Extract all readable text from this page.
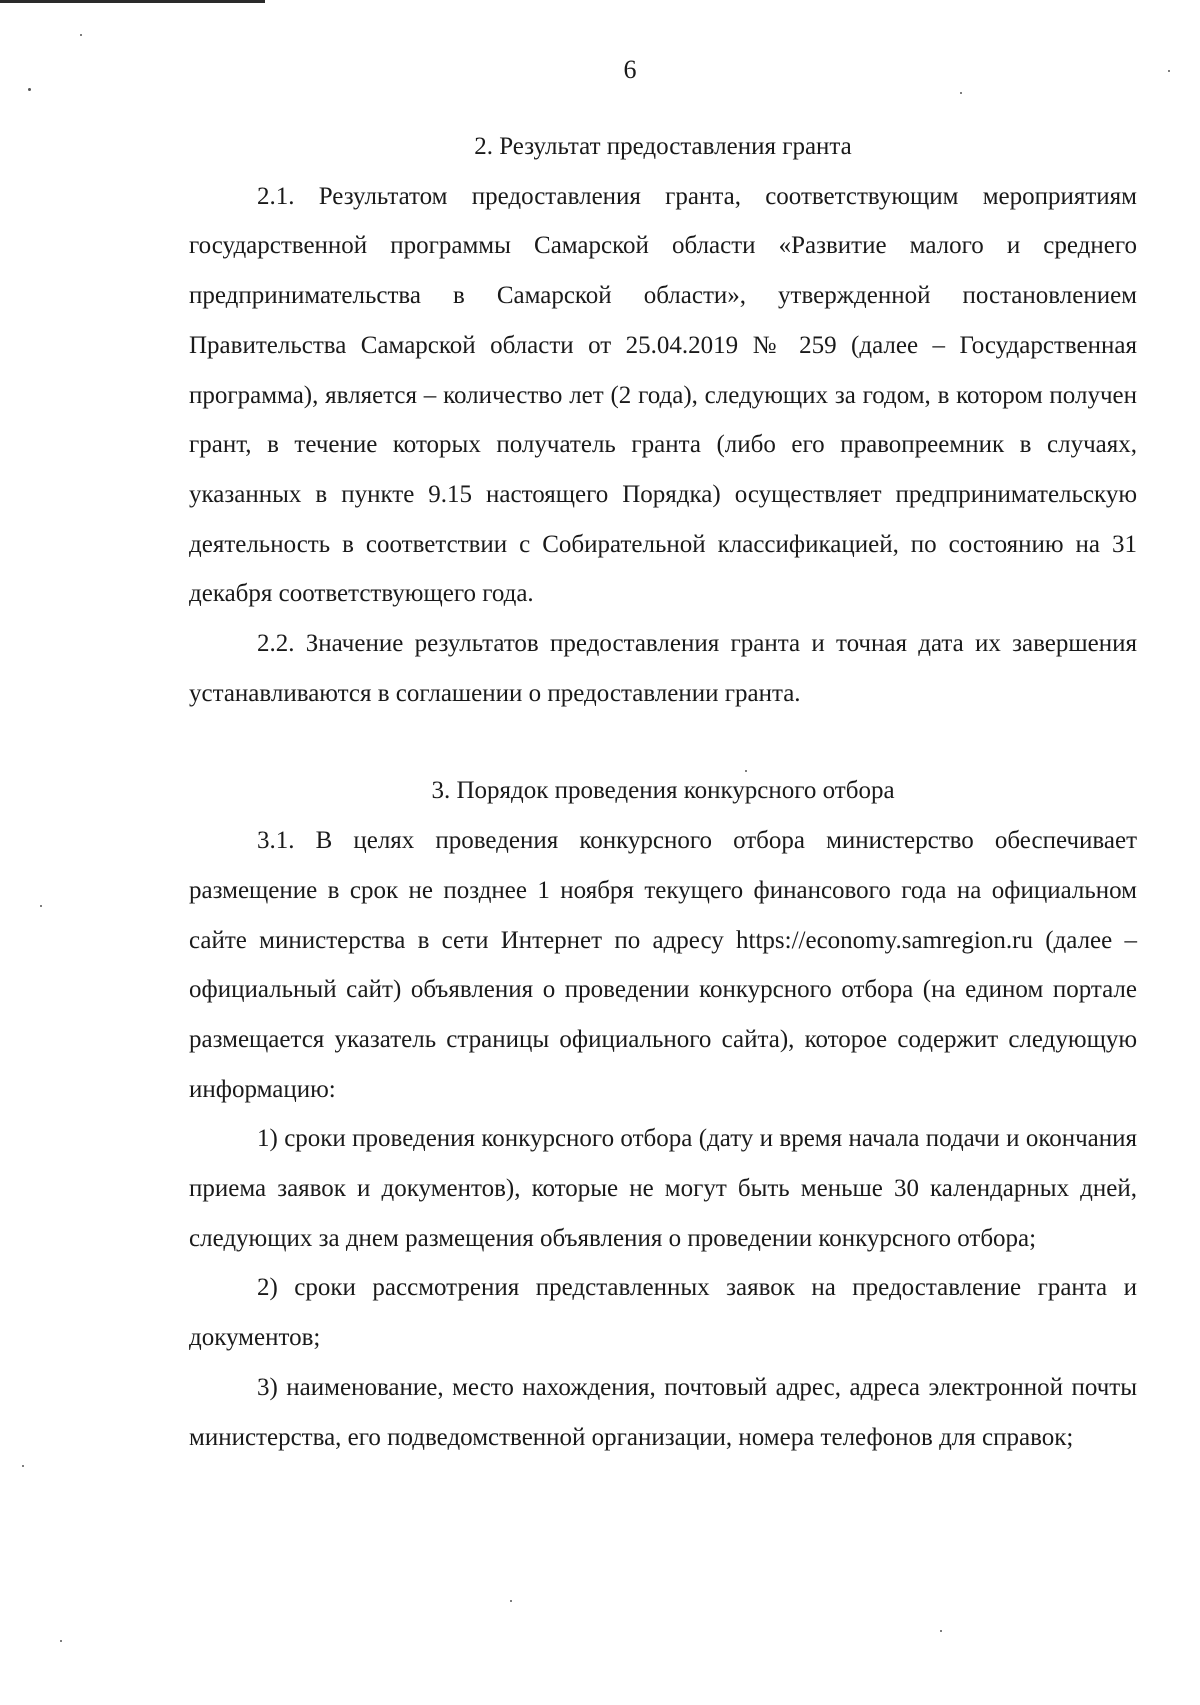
6

2. Результат предоставления гранта

2.1. Результатом предоставления гранта, соответствующим мероприятиям государственной программы Самарской области «Развитие малого и среднего предпринимательства в Самарской области», утвержденной постановлением Правительства Самарской области от 25.04.2019 № 259 (далее – Государственная программа), является – количество лет (2 года), следующих за годом, в котором получен грант, в течение которых получатель гранта (либо его правопреемник в случаях, указанных в пункте 9.15 настоящего Порядка) осуществляет предпринимательскую деятельность в соответствии с Собирательной классификацией, по состоянию на 31 декабря соответствующего года.

2.2. Значение результатов предоставления гранта и точная дата их завершения устанавливаются в соглашении о предоставлении гранта.

3. Порядок проведения конкурсного отбора

3.1. В целях проведения конкурсного отбора министерство обеспечивает размещение в срок не позднее 1 ноября текущего финансового года на официальном сайте министерства в сети Интернет по адресу https://economy.samregion.ru (далее – официальный сайт) объявления о проведении конкурсного отбора (на едином портале размещается указатель страницы официального сайта), которое содержит следующую информацию:

1) сроки проведения конкурсного отбора (дату и время начала подачи и окончания приема заявок и документов), которые не могут быть меньше 30 календарных дней, следующих за днем размещения объявления о проведении конкурсного отбора;

2) сроки рассмотрения представленных заявок на предоставление гранта и документов;

3) наименование, место нахождения, почтовый адрес, адреса электронной почты министерства, его подведомственной организации, номера телефонов для справок;
